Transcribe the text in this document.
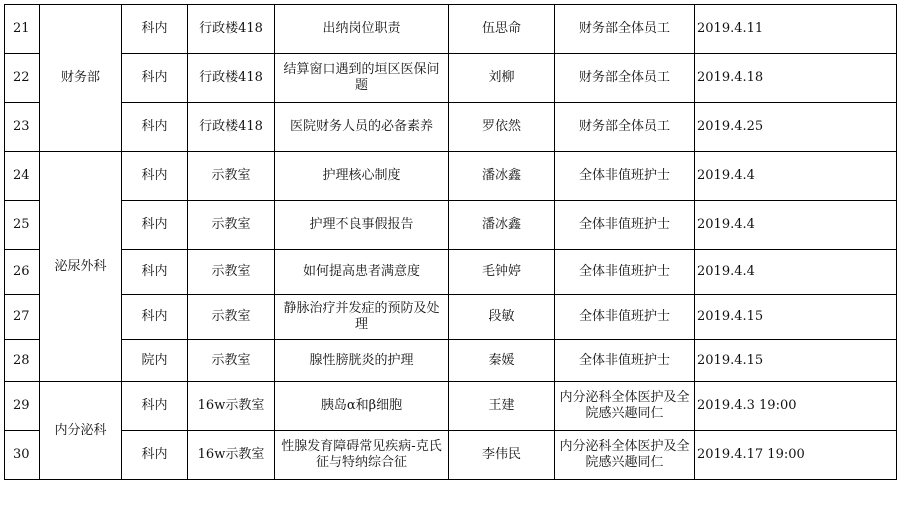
21	财务部	科内	行政楼418	出纳岗位职责	伍思命	财务部全体员工	2019.4.11
22		科内	行政楼418	结算窗口遇到的垣区医保问题	刘柳	财务部全体员工	2019.4.18
23		科内	行政楼418	医院财务人员的必备素养	罗依然	财务部全体员工	2019.4.25
24	泌尿外科	科内	示教室	护理核心制度	潘冰鑫	全体非值班护士	2019.4.4
25		科内	示教室	护理不良事假报告	潘冰鑫	全体非值班护士	2019.4.4
26		科内	示教室	如何提高患者满意度	毛钟婷	全体非值班护士	2019.4.4
27		科内	示教室	静脉治疗并发症的预防及处理	段敏	全体非值班护士	2019.4.15
28		院内	示教室	腺性膀胱炎的护理	秦媛	全体非值班护士	2019.4.15
29	内分泌科	科内	16w示教室	胰岛α和β细胞	王建	内分泌科全体医护及全院感兴趣同仁	2019.4.3 19:00
30		科内	16w示教室	性腺发育障碍常见疾病-克氏征与特纳综合征	李伟民	内分泌科全体医护及全院感兴趣同仁	2019.4.17 19:00
